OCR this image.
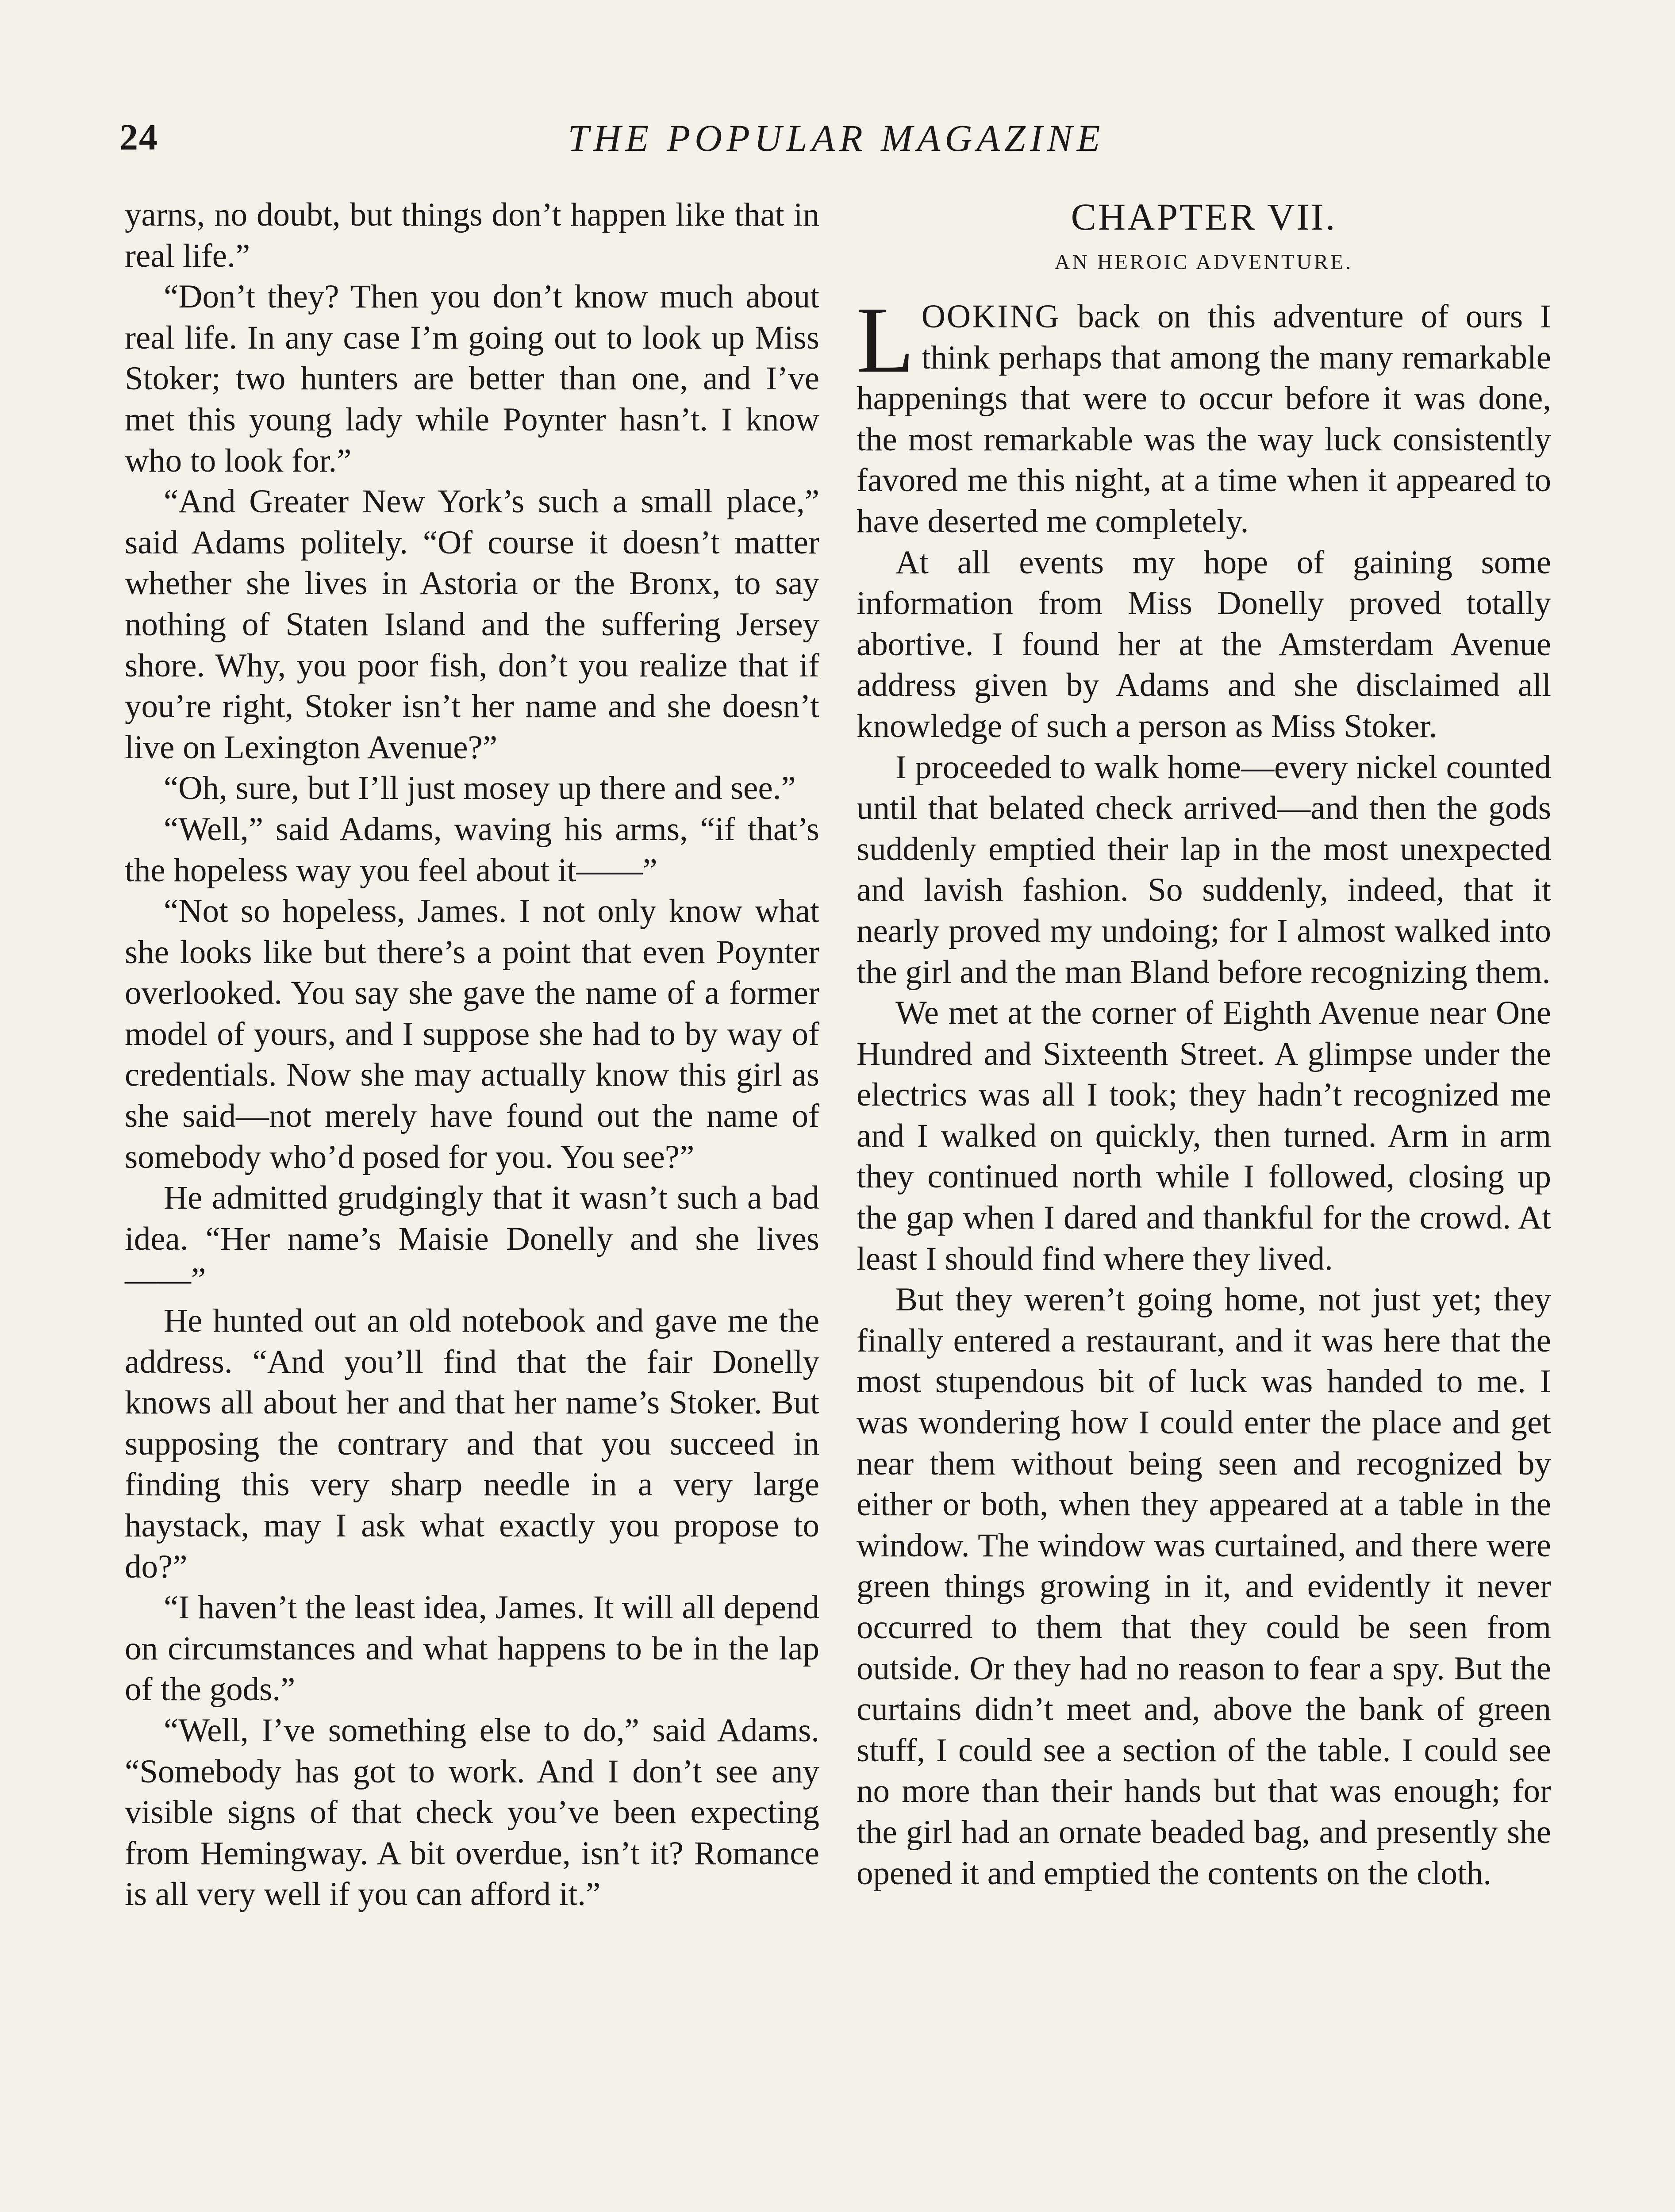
24	THE POPULAR MAGAZINE

yarns, no doubt, but things don’t happen like that in real life.”

“Don’t they? Then you don’t know much about real life. In any case I’m going out to look up Miss Stoker; two hunters are better than one, and I’ve met this young lady while Poynter hasn’t. I know who to look for.”

“And Greater New York’s such a small place,” said Adams politely. “Of course it doesn’t matter whether she lives in Astoria or the Bronx, to say nothing of Staten Island and the suffering Jersey shore. Why, you poor fish, don’t you realize that if you’re right, Stoker isn’t her name and she doesn’t live on Lexington Avenue?”

“Oh, sure, but I’ll just mosey up there and see.”

“Well,” said Adams, waving his arms, “if that’s the hopeless way you feel about it——”

“Not so hopeless, James. I not only know what she looks like but there’s a point that even Poynter overlooked. You say she gave the name of a former model of yours, and I suppose she had to by way of credentials. Now she may actually know this girl as she said—not merely have found out the name of somebody who’d posed for you. You see?”

He admitted grudgingly that it wasn’t such a bad idea. “Her name’s Maisie Donelly and she lives——”

He hunted out an old notebook and gave me the address. “And you’ll find that the fair Donelly knows all about her and that her name’s Stoker. But supposing the contrary and that you succeed in finding this very sharp needle in a very large haystack, may I ask what exactly you propose to do?”

“I haven’t the least idea, James. It will all depend on circumstances and what happens to be in the lap of the gods.”

“Well, I’ve something else to do,” said Adams. “Somebody has got to work. And I don’t see any visible signs of that check you’ve been expecting from Hemingway. A bit overdue, isn’t it? Romance is all very well if you can afford it.”

CHAPTER VII.
AN HEROIC ADVENTURE.

LOOKING back on this adventure of ours I think perhaps that among the many remarkable happenings that were to occur before it was done, the most remarkable was the way luck consistently favored me this night, at a time when it appeared to have deserted me completely.

At all events my hope of gaining some information from Miss Donelly proved totally abortive. I found her at the Amsterdam Avenue address given by Adams and she disclaimed all knowledge of such a person as Miss Stoker.

I proceeded to walk home—every nickel counted until that belated check arrived—and then the gods suddenly emptied their lap in the most unexpected and lavish fashion. So suddenly, indeed, that it nearly proved my undoing; for I almost walked into the girl and the man Bland before recognizing them.

We met at the corner of Eighth Avenue near One Hundred and Sixteenth Street. A glimpse under the electrics was all I took; they hadn’t recognized me and I walked on quickly, then turned. Arm in arm they continued north while I followed, closing up the gap when I dared and thankful for the crowd. At least I should find where they lived.

But they weren’t going home, not just yet; they finally entered a restaurant, and it was here that the most stupendous bit of luck was handed to me. I was wondering how I could enter the place and get near them without being seen and recognized by either or both, when they appeared at a table in the window. The window was curtained, and there were green things growing in it, and evidently it never occurred to them that they could be seen from outside. Or they had no reason to fear a spy. But the curtains didn’t meet and, above the bank of green stuff, I could see a section of the table. I could see no more than their hands but that was enough; for the girl had an ornate beaded bag, and presently she opened it and emptied the contents on the cloth.
